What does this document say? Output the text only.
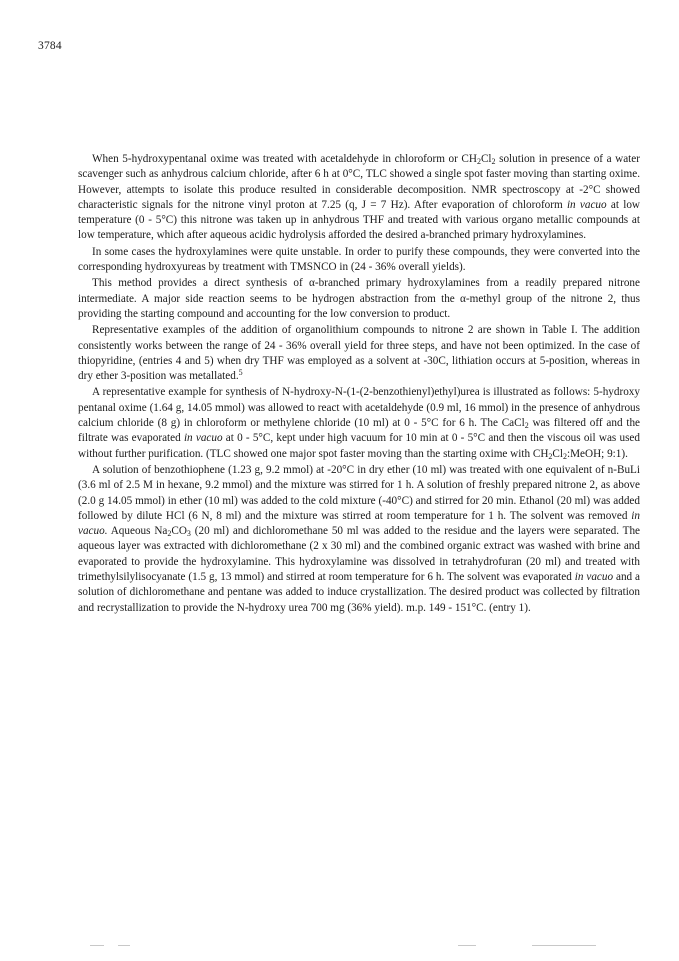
3784

When 5-hydroxypentanal oxime was treated with acetaldehyde in chloroform or $CH_2Cl_2$ solution in presence of a water scavenger such as anhydrous calcium chloride, after 6 h at 0°C, TLC showed a single spot faster moving than starting oxime. However, attempts to isolate this produce resulted in considerable decomposition. NMR spectroscopy at -2°C showed characteristic signals for the nitrone vinyl proton at 7.25 (q, J = 7 Hz). After evaporation of chloroform in vacuo at low temperature (0 - 5°C) this nitrone was taken up in anhydrous THF and treated with various organo metallic compounds at low temperature, which after aqueous acidic hydrolysis afforded the desired a-branched primary hydroxylamines.

In some cases the hydroxylamines were quite unstable. In order to purify these compounds, they were converted into the corresponding hydroxyureas by treatment with TMSNCO in (24 - 36% overall yields).

This method provides a direct synthesis of α-branched primary hydroxylamines from a readily prepared nitrone intermediate. A major side reaction seems to be hydrogen abstraction from the α-methyl group of the nitrone 2, thus providing the starting compound and accounting for the low conversion to product.

Representative examples of the addition of organolithium compounds to nitrone 2 are shown in Table I. The addition consistently works between the range of 24 - 36% overall yield for three steps, and have not been optimized. In the case of thiopyridine, (entries 4 and 5) when dry THF was employed as a solvent at -30C, lithiation occurs at 5-position, whereas in dry ether 3-position was metallated.$^5$

A representative example for synthesis of N-hydroxy-N-(1-(2-benzothienyl)ethyl)urea is illustrated as follows: 5-hydroxy pentanal oxime (1.64 g, 14.05 mmol) was allowed to react with acetaldehyde (0.9 ml, 16 mmol) in the presence of anhydrous calcium chloride (8 g) in chloroform or methylene chloride (10 ml) at 0 - 5°C for 6 h. The CaCl$_2$ was filtered off and the filtrate was evaporated in vacuo at 0 - 5°C, kept under high vacuum for 10 min at 0 - 5°C and then the viscous oil was used without further purification. (TLC showed one major spot faster moving than the starting oxime with $CH_2Cl_2:MeOH$; 9:1).

A solution of benzothiophene (1.23 g, 9.2 mmol) at -20°C in dry ether (10 ml) was treated with one equivalent of n-BuLi (3.6 ml of 2.5 M in hexane, 9.2 mmol) and the mixture was stirred for 1 h. A solution of freshly prepared nitrone 2, as above (2.0 g 14.05 mmol) in ether (10 ml) was added to the cold mixture (-40°C) and stirred for 20 min. Ethanol (20 ml) was added followed by dilute HCl (6 N, 8 ml) and the mixture was stirred at room temperature for 1 h. The solvent was removed in vacuo. Aqueous $Na_2CO_3$ (20 ml) and dichloromethane 50 ml was added to the residue and the layers were separated. The aqueous layer was extracted with dichloromethane (2 x 30 ml) and the combined organic extract was washed with brine and evaporated to provide the hydroxylamine. This hydroxylamine was dissolved in tetrahydrofuran (20 ml) and treated with trimethylsilylisocyanate (1.5 g, 13 mmol) and stirred at room temperature for 6 h. The solvent was evaporated in vacuo and a solution of dichloromethane and pentane was added to induce crystallization. The desired product was collected by filtration and recrystallization to provide the N-hydroxy urea 700 mg (36% yield). m.p. 149 - 151°C. (entry 1).
